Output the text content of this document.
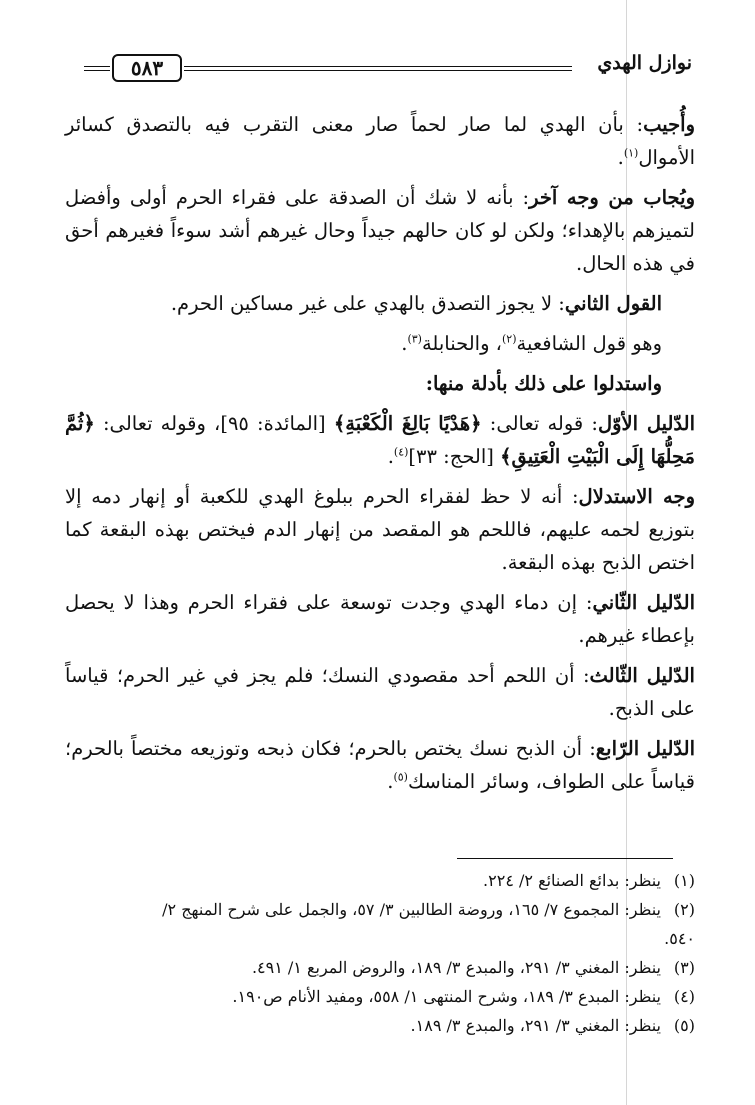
نوازل الهدي
٥٨٣

وأُجيب: بأن الهدي لما صار لحماً صار معنى التقرب فيه بالتصدق كسائر الأموال$^{(١)}$.

ويُجاب من وجه آخر: بأنه لا شك أن الصدقة على فقراء الحرم أولى وأفضل لتميزهم بالإهداء؛ ولكن لو كان حالهم جيداً وحال غيرهم أشد سوءاً فغيرهم أحق في هذه الحال.

القول الثاني: لا يجوز التصدق بالهدي على غير مساكين الحرم.

وهو قول الشافعية$^{(٢)}$، والحنابلة$^{(٣)}$.

واستدلوا على ذلك بأدلة منها:

الدّليل الأوّل: قوله تعالى: ﴿هَدْيًا بَالِغَ الْكَعْبَةِ﴾ [المائدة: ٩٥]، وقوله تعالى: ﴿ثُمَّ مَحِلُّهَا إِلَى الْبَيْتِ الْعَتِيقِ﴾ [الحج: ٣٣]$^{(٤)}$.

وجه الاستدلال: أنه لا حظ لفقراء الحرم ببلوغ الهدي للكعبة أو إنهار دمه إلا بتوزيع لحمه عليهم، فاللحم هو المقصد من إنهار الدم فيختص بهذه البقعة كما اختص الذبح بهذه البقعة.

الدّليل الثّاني: إن دماء الهدي وجدت توسعة على فقراء الحرم وهذا لا يحصل بإعطاء غيرهم.

الدّليل الثّالث: أن اللحم أحد مقصودي النسك؛ فلم يجز في غير الحرم؛ قياساً على الذبح.

الدّليل الرّابع: أن الذبح نسك يختص بالحرم؛ فكان ذبحه وتوزيعه مختصاً بالحرم؛ قياساً على الطواف، وسائر المناسك$^{(٥)}$.

(١)ينظر: بدائع الصنائع ٢/ ٢٢٤.

(٢)ينظر: المجموع ٧/ ١٦٥، وروضة الطالبين ٣/ ٥٧، والجمل على شرح المنهج ٢/

٥٤٠.

(٣)ينظر: المغني ٣/ ٢٩١، والمبدع ٣/ ١٨٩، والروض المربع ١/ ٤٩١.

(٤)ينظر: المبدع ٣/ ١٨٩، وشرح المنتهى ١/ ٥٥٨، ومفيد الأنام ص١٩٠.

(٥)ينظر: المغني ٣/ ٢٩١، والمبدع ٣/ ١٨٩.
